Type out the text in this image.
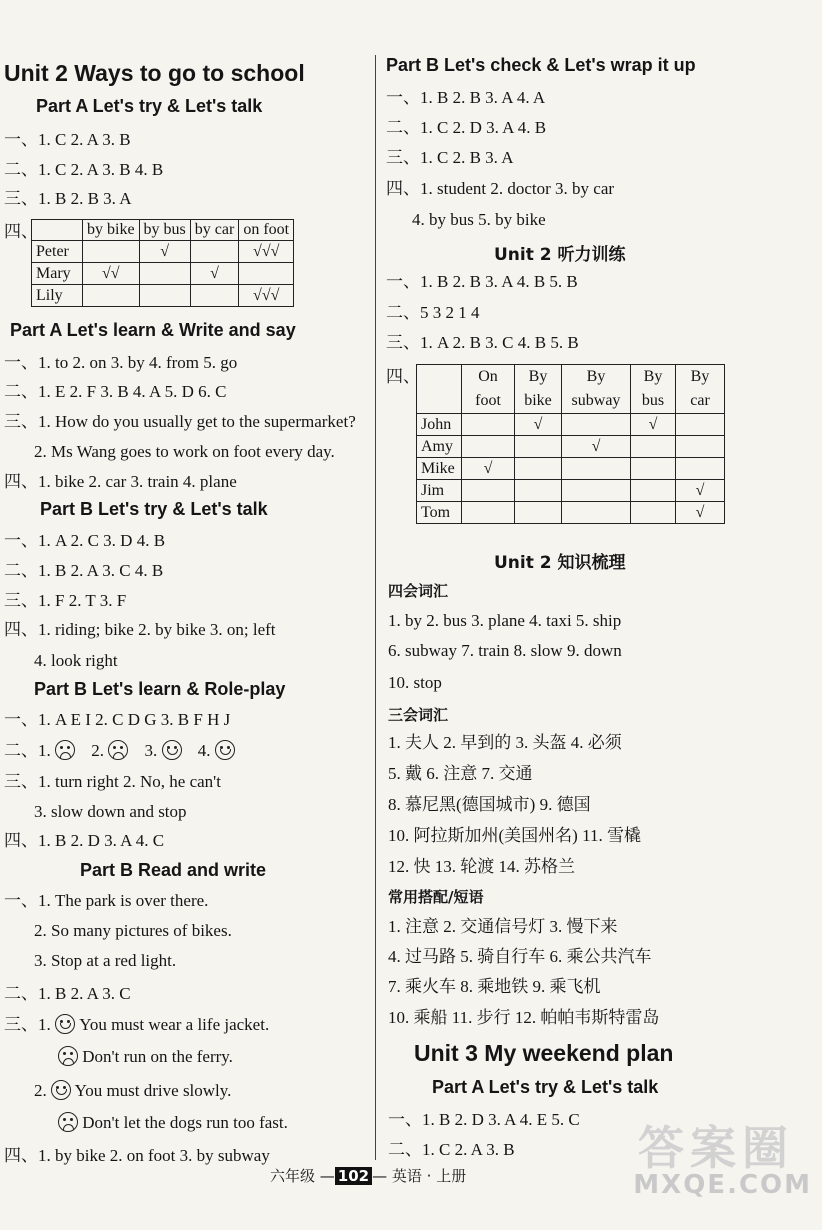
Unit 2 Ways to go to school
Part A Let's try & Let's talk
一、1. C 2. A 3. B
二、1. C 2. A 3. B 4. B
三、1. B 2. B 3. A
四、
		by bike	by bus	by car	on foot
Peter		√		√√√
Mary	√√		√	
Lily				√√√
Part A Let's learn & Write and say
一、1. to 2. on 3. by 4. from 5. go
二、1. E 2. F 3. B 4. A 5. D 6. C
三、1. How do you usually get to the supermarket?
2. Ms Wang goes to work on foot every day.
四、1. bike 2. car 3. train 4. plane
Part B Let's try & Let's talk
一、1. A 2. C 3. D 4. B
二、1. B 2. A 3. C 4. B
三、1. F 2. T 3. F
四、1. riding; bike 2. by bike 3. on; left
4. look right
Part B Let's learn & Role-play
一、1. A E I 2. C D G 3. B F H J
二、1. 2. 3. 4.
三、1. turn right 2. No, he can't
3. slow down and stop
四、1. B 2. D 3. A 4. C
Part B Read and write
一、1. The park is over there.
2. So many pictures of bikes.
3. Stop at a red light.
二、1. B 2. A 3. C
三、1. You must wear a life jacket.
Don't run on the ferry.
2. You must drive slowly.
Don't let the dogs run too fast.
四、1. by bike 2. on foot 3. by subway
Part B Let's check & Let's wrap it up
一、1. B 2. B 3. A 4. A
二、1. C 2. D 3. A 4. B
三、1. C 2. B 3. A
四、1. student 2. doctor 3. by car
4. by bus 5. by bike
Unit 2 听力训练
一、1. B 2. B 3. A 4. B 5. B
二、5 3 2 1 4
三、1. A 2. B 3. C 4. B 5. B
四、
		On foot	By bike	By subway	By bus	By car
John		√		√	
Amy			√		
Mike	√				
Jim					√
Tom					√
Unit 2 知识梳理
四会词汇
1. by 2. bus 3. plane 4. taxi 5. ship
6. subway 7. train 8. slow 9. down
10. stop
三会词汇
1. 夫人 2. 早到的 3. 头盔 4. 必须
5. 戴 6. 注意 7. 交通
8. 慕尼黑(德国城市) 9. 德国
10. 阿拉斯加州(美国州名) 11. 雪橇
12. 快 13. 轮渡 14. 苏格兰
常用搭配/短语
1. 注意 2. 交通信号灯 3. 慢下来
4. 过马路 5. 骑自行车 6. 乘公共汽车
7. 乘火车 8. 乘地铁 9. 乘飞机
10. 乘船 11. 步行 12. 帕帕韦斯特雷岛
Unit 3 My weekend plan
Part A Let's try & Let's talk
一、1. B 2. D 3. A 4. E 5. C
二、1. C 2. A 3. B
六年级 — 102 — 英语 · 上册
答案圈
MXQE.COM
